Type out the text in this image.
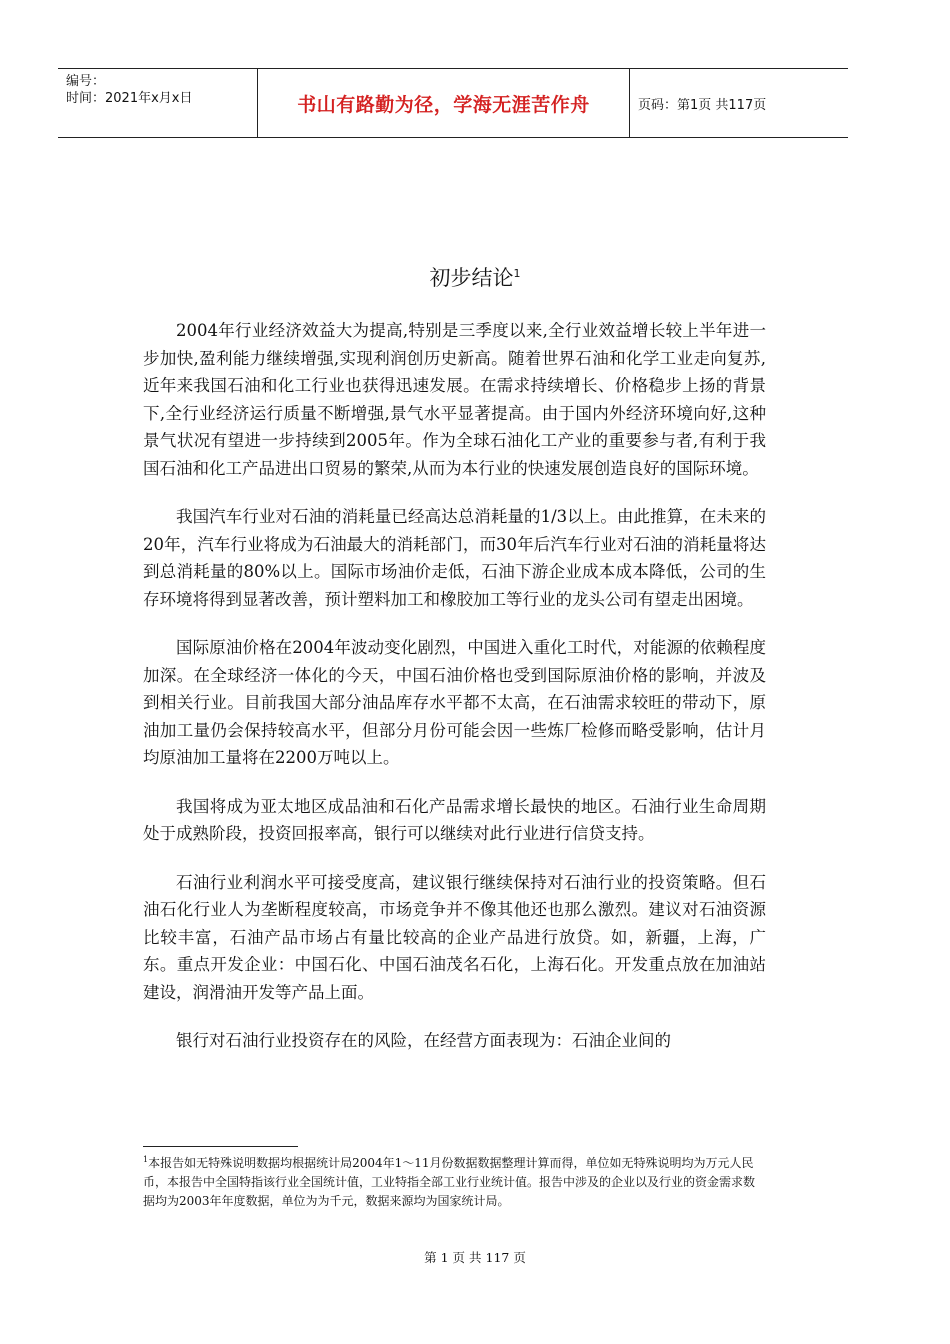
编号：
时间：2021年x月x日	书山有路勤为径，学海无涯苦作舟	页码：第1页 共117页
初步结论$^1$

2004年行业经济效益大为提高,特别是三季度以来,全行业效益增长较上半年进一步加快,盈利能力继续增强,实现利润创历史新高。随着世界石油和化学工业走向复苏,近年来我国石油和化工行业也获得迅速发展。在需求持续增长、价格稳步上扬的背景下,全行业经济运行质量不断增强,景气水平显著提高。由于国内外经济环境向好,这种景气状况有望进一步持续到2005年。作为全球石油化工产业的重要参与者,有利于我国石油和化工产品进出口贸易的繁荣,从而为本行业的快速发展创造良好的国际环境。

我国汽车行业对石油的消耗量已经高达总消耗量的1/3以上。由此推算，在未来的20年，汽车行业将成为石油最大的消耗部门，而30年后汽车行业对石油的消耗量将达到总消耗量的80%以上。国际市场油价走低，石油下游企业成本成本降低，公司的生存环境将得到显著改善，预计塑料加工和橡胶加工等行业的龙头公司有望走出困境。

国际原油价格在2004年波动变化剧烈，中国进入重化工时代，对能源的依赖程度加深。在全球经济一体化的今天，中国石油价格也受到国际原油价格的影响，并波及到相关行业。目前我国大部分油品库存水平都不太高，在石油需求较旺的带动下，原油加工量仍会保持较高水平，但部分月份可能会因一些炼厂检修而略受影响，估计月均原油加工量将在2200万吨以上。

我国将成为亚太地区成品油和石化产品需求增长最快的地区。石油行业生命周期处于成熟阶段，投资回报率高，银行可以继续对此行业进行信贷支持。

石油行业利润水平可接受度高，建议银行继续保持对石油行业的投资策略。但石油石化行业人为垄断程度较高，市场竞争并不像其他还也那么激烈。建议对石油资源比较丰富，石油产品市场占有量比较高的企业产品进行放贷。如，新疆，上海，广东。重点开发企业：中国石化、中国石油茂名石化，上海石化。开发重点放在加油站建设，润滑油开发等产品上面。

银行对石油行业投资存在的风险，在经营方面表现为：石油企业间的

$^1$本报告如无特殊说明数据均根据统计局2004年1～11月份数据数据整理计算而得，单位如无特殊说明均为万元人民币，本报告中全国特指该行业全国统计值，工业特指全部工业行业统计值。报告中涉及的企业以及行业的资金需求数据均为2003年年度数据，单位为为千元，数据来源均为国家统计局。
第 1 页 共 117 页
